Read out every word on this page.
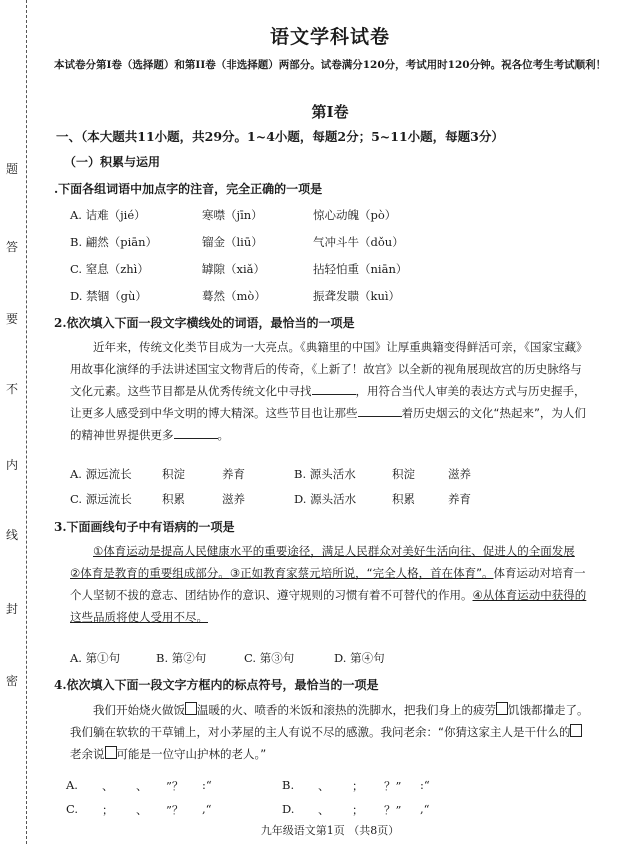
题
答
要
不
内
线
封
密
语文学科试卷
本试卷分第I卷（选择题）和第II卷（非选择题）两部分。试卷满分120分，考试用时120分钟。祝各位考生考试顺利！
第I卷
一、（本大题共11小题，共29分。1~4小题，每题2分；5~11小题，每题3分）
（一）积累与运用
.下面各组词语中加点字的注音，完全正确的一项是
A. 诘难（jié）	寒噤（jīn）	惊心动魄（pò）
B. 翩然（piān）	镏金（liū）	气冲斗牛（dǒu）
C. 窒息（zhì）	罅隙（xiǎ）	拈轻怕重（niān）
D. 禁锢（gù）	蓦然（mò）	振聋发聩（kuì）
2.依次填入下面一段文字横线处的词语，最恰当的一项是
近年来，传统文化类节目成为一大亮点。《典籍里的中国》让厚重典籍变得鲜活可亲，《国家宝藏》用故事化演绎的手法讲述国宝文物背后的传奇，《上新了！故宫》以全新的视角展现故宫的历史脉络与文化元素。这些节目都是从优秀传统文化中寻找	，用符合当代人审美的表达方式与历史握手，让更多人感受到中华文明的博大精深。这些节目也让那些	着历史烟云的文化“热起来”，为人们的精神世界提供更多	。
A. 源远流长	积淀	养育	B. 源头活水	积淀	滋养
C. 源远流长	积累	滋养	D. 源头活水	积累	养育
3.下面画线句子中有语病的一项是
①体育运动是提高人民健康水平的重要途径，满足人民群众对美好生活向往、促进人的全面发展　②体育是教育的重要组成部分。③正如教育家蔡元培所说，“完全人格，首在体育”。体育运动对培育一个人坚韧不拔的意志、团结协作的意识、遵守规则的习惯有着不可替代的作用。④从体育运动中获得的这些品质将使人受用不尽。
A. 第①句	B. 第②句	C. 第③句	D. 第④句
4.依次填入下面一段文字方框内的标点符号，最恰当的一项是
我们开始烧火做饭 温暖的火、喷香的米饭和滚热的洗脚水，把我们身上的疲劳 饥饿都攆走了。我们躺在软软的干草铺上，对小茅屋的主人有说不尽的感激。我问老余：“你猜这家主人是干什么的老余说 可能是一位守山护林的老人。”
A. 、 、 ”？ :“	B. 、 ； ？” :“
C. ； 、 ”？ ,“	D. 、 ； ？” ,“
九年级语文第1页 （共8页）
